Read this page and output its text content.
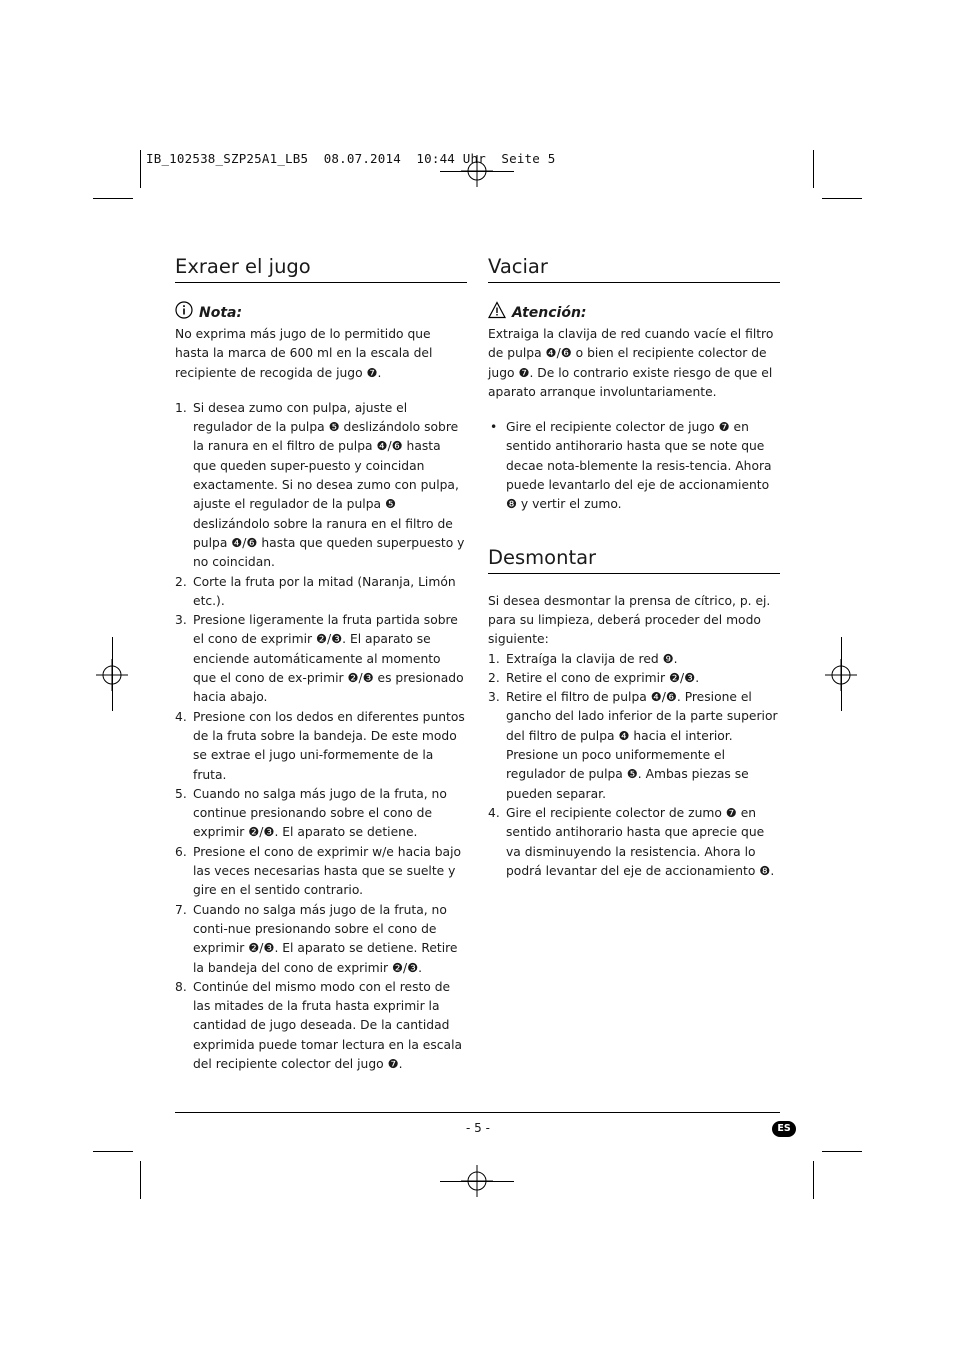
IB_102538_SZP25A1_LB5  08.07.2014  10:44 Uhr  Seite 5
Exraer el jugo
Nota:

No exprima más jugo de lo permitido que hasta la marca de 600 ml en la escala del recipiente de recogida de jugo ❼.

1. Si desea zumo con pulpa, ajuste el regulador de la pulpa ❺ deslizándolo sobre la ranura en el filtro de pulpa ❹/❻ hasta que queden super-puesto y coincidan exactamente. Si no desea zumo con pulpa, ajuste el regulador de la pulpa ❺ deslizándolo sobre la ranura en el filtro de pulpa ❹/❻ hasta que queden superpuesto y no coincidan.
2. Corte la fruta por la mitad (Naranja, Limón etc.).
3. Presione ligeramente la fruta partida sobre el cono de exprimir ❷/❸. El aparato se enciende automáticamente al momento que el cono de ex-primir ❷/❸ es presionado hacia abajo.
4. Presione con los dedos en diferentes puntos de la fruta sobre la bandeja. De este modo se extrae el jugo uni-formemente de la fruta.
5. Cuando no salga más jugo de la fruta, no continue presionando sobre el cono de exprimir ❷/❸. El aparato se detiene.
6. Presione el cono de exprimir w/e hacia bajo las veces necesarias hasta que se suelte y gire en el sentido contrario.
7. Cuando no salga más jugo de la fruta, no conti-nue presionando sobre el cono de exprimir ❷/❸. El aparato se detiene. Retire la bandeja del cono de exprimir ❷/❸.
8. Continúe del mismo modo con el resto de las mitades de la fruta hasta exprimir la cantidad de jugo deseada. De la cantidad exprimida puede tomar lectura en la escala del recipiente colector del jugo ❼.
Vaciar
Atención:

Extraiga la clavija de red cuando vacíe el filtro de pulpa ❹/❻ o bien el recipiente colector de jugo ❼. De lo contrario existe riesgo de que el aparato arranque involuntariamente.

• Gire el recipiente colector de jugo ❼ en sentido antihorario hasta que se note que decae nota-blemente la resis-tencia. Ahora puede levantarlo del eje de accionamiento ❽ y vertir el zumo.
Desmontar

Si desea desmontar la prensa de cítrico, p. ej. para su limpieza, deberá proceder del modo siguiente:

1. Extraíga la clavija de red ❾.
2. Retire el cono de exprimir ❷/❸.
3. Retire el filtro de pulpa ❹/❻. Presione el gancho del lado inferior de la parte superior del filtro de pulpa ❹ hacia el interior. Presione un poco uniformemente el regulador de pulpa ❺. Ambas piezas se pueden separar.
4. Gire el recipiente colector de zumo ❼ en sentido antihorario hasta que aprecie que va disminuyendo la resistencia. Ahora lo podrá levantar del eje de accionamiento ❽.
- 5 -	ES
